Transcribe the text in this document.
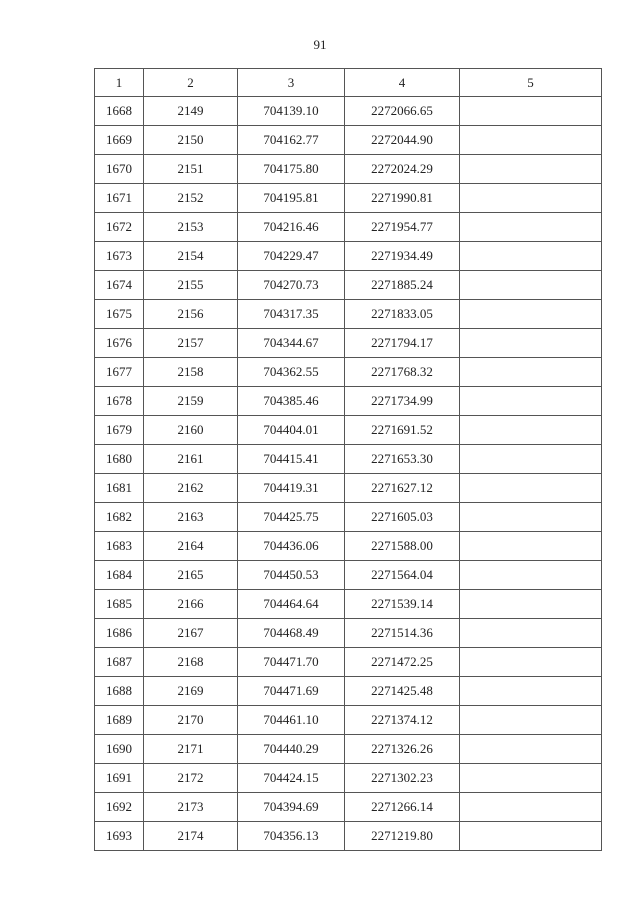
91
1	2	3	4	5
1668	2149	704139.10	2272066.65	
1669	2150	704162.77	2272044.90	
1670	2151	704175.80	2272024.29	
1671	2152	704195.81	2271990.81	
1672	2153	704216.46	2271954.77	
1673	2154	704229.47	2271934.49	
1674	2155	704270.73	2271885.24	
1675	2156	704317.35	2271833.05	
1676	2157	704344.67	2271794.17	
1677	2158	704362.55	2271768.32	
1678	2159	704385.46	2271734.99	
1679	2160	704404.01	2271691.52	
1680	2161	704415.41	2271653.30	
1681	2162	704419.31	2271627.12	
1682	2163	704425.75	2271605.03	
1683	2164	704436.06	2271588.00	
1684	2165	704450.53	2271564.04	
1685	2166	704464.64	2271539.14	
1686	2167	704468.49	2271514.36	
1687	2168	704471.70	2271472.25	
1688	2169	704471.69	2271425.48	
1689	2170	704461.10	2271374.12	
1690	2171	704440.29	2271326.26	
1691	2172	704424.15	2271302.23	
1692	2173	704394.69	2271266.14	
1693	2174	704356.13	2271219.80	
